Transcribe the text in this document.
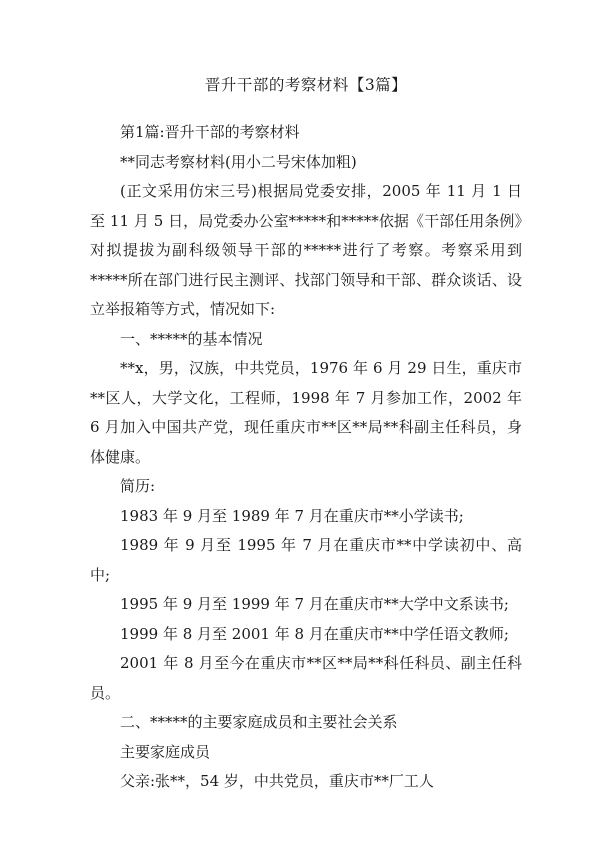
晋升干部的考察材料【3篇】

第1篇:晋升干部的考察材料

**同志考察材料(用小二号宋体加粗)

(正文采用仿宋三号)根据局党委安排，2005 年 11 月 1 日至 11 月 5 日，局党委办公室*****和*****依据《干部任用条例》对拟提拔为副科级领导干部的*****进行了考察。考察采用到*****所在部门进行民主测评、找部门领导和干部、群众谈话、设立举报箱等方式，情况如下:

一、*****的基本情况

**x，男，汉族，中共党员，1976 年 6 月 29 日生，重庆市**区人，大学文化，工程师，1998 年 7 月参加工作，2002 年 6 月加入中国共产党，现任重庆市**区**局**科副主任科员，身体健康。

简历:

1983 年 9 月至 1989 年 7 月在重庆市**小学读书;

1989 年 9 月至 1995 年 7 月在重庆市**中学读初中、高中;

1995 年 9 月至 1999 年 7 月在重庆市**大学中文系读书;

1999 年 8 月至 2001 年 8 月在重庆市**中学任语文教师;

2001 年 8 月至今在重庆市**区**局**科任科员、副主任科员。

二、*****的主要家庭成员和主要社会关系

主要家庭成员

父亲:张**，54 岁，中共党员，重庆市**厂工人
